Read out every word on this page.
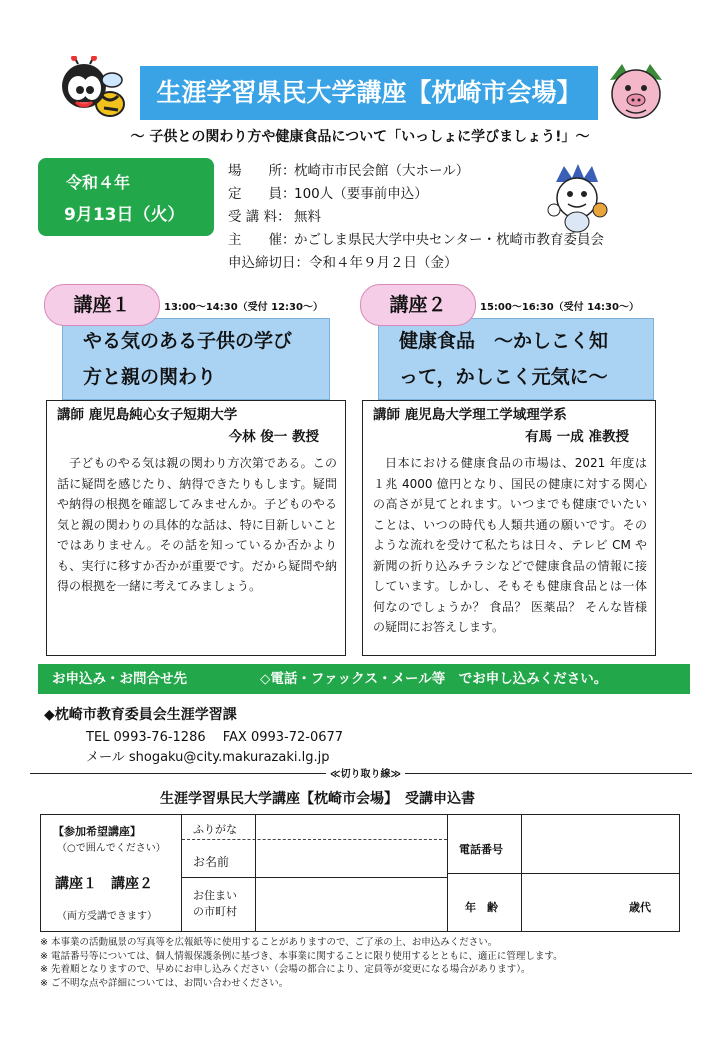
生涯学習県民大学講座【枕崎市会場】
～ 子供との関わり方や健康食品について「いっしょに学びましょう!」～
令和４年
9月13日（火）
場　　所：枕崎市市民会館（大ホール）
定　　員：100人（要事前申込）
受 講 料： 無料
主　　催：かごしま県民大学中央センター・枕崎市教育委員会
申込締切日：令和４年９月２日（金）
やる気のある子供の学び
方と親の関わり
講座１	13:00～14:30（受付 12:30～）
講師 鹿児島純心女子短期大学
今林 俊一 教授
子どものやる気は親の関わり方次第である。この話に疑問を感じたり、納得できたりもします。疑問や納得の根拠を確認してみませんか。子どものやる気と親の関わりの具体的な話は、特に目新しいことではありません。その話を知っているか否かよりも、実行に移すか否かが重要です。だから疑問や納得の根拠を一緒に考えてみましょう。
健康食品　～かしこく知
って，かしこく元気に～
講座２	15:00～16:30（受付 14:30～）
講師 鹿児島大学理工学域理学系
有馬 一成 准教授
日本における健康食品の市場は、2021 年度は１兆 4000 億円となり、国民の健康に対する関心の高さが見てとれます。いつまでも健康でいたいことは、いつの時代も人類共通の願いです。そのような流れを受けて私たちは日々、テレビ CM や新聞の折り込みチラシなどで健康食品の情報に接しています。しかし、そもそも健康食品とは一体何なのでしょうか？ 食品？ 医薬品？ そんな皆様の疑問にお答えします。
お申込み・お問合せ先	◇電話・ファックス・メール等　でお申し込みください。
◆枕崎市教育委員会生涯学習課
TEL 0993-76-1286　 FAX 0993-72-0677
メール shogaku@city.makurazaki.lg.jp
≪切り取り線≫
生涯学習県民大学講座【枕崎市会場】　受講申込書
【参加希望講座】
（○で囲んでください）
講座１　講座２
（両方受講できます）
ふりがな
お名前
お住まい
の市町村
電話番号
年　齢	歳代
※ 本事業の活動風景の写真等を広報紙等に使用することがありますので、ご了承の上、お申込みください。
※ 電話番号等については、個人情報保護条例に基づき、本事業に関することに限り使用するとともに、適正に管理します。
※ 先着順となりますので、早めにお申し込みください（会場の都合により、定員等が変更になる場合があります）。
※ ご不明な点や詳細については、お問い合わせください。
